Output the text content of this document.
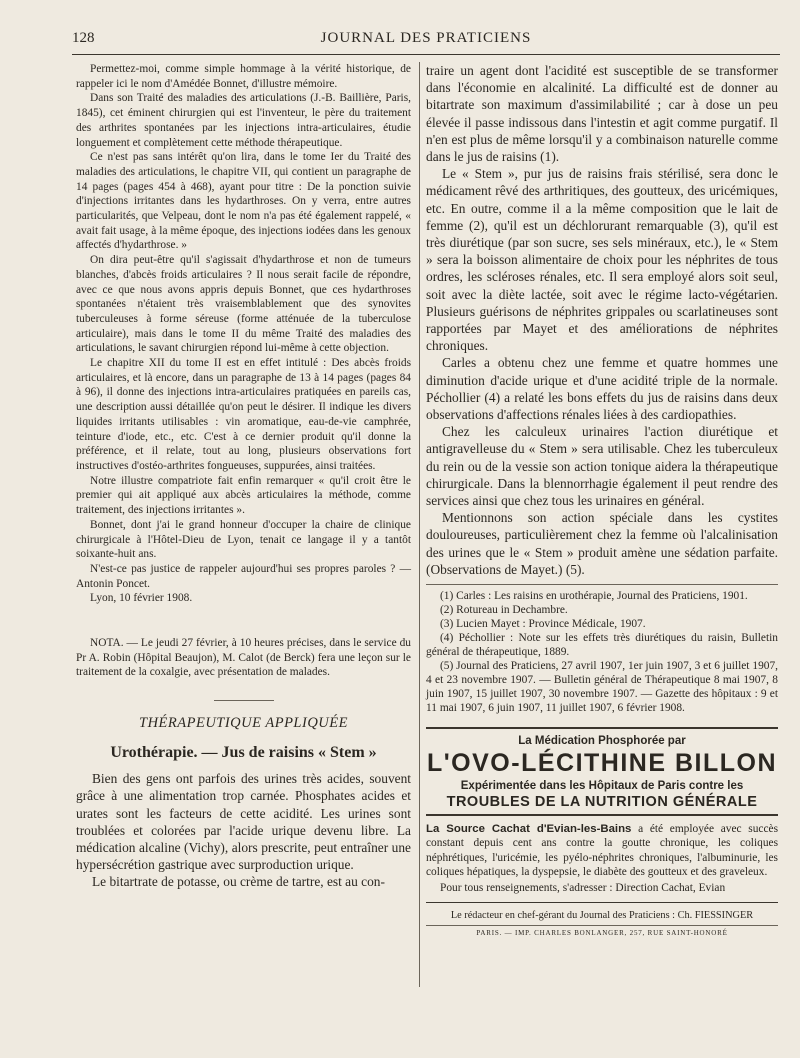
128	JOURNAL DES PRATICIENS

Permettez-moi, comme simple hommage à la vérité historique, de rappeler ici le nom d'Amédée Bonnet, d'illustre mémoire.

Dans son Traité des maladies des articulations (J.-B. Baillière, Paris, 1845), cet éminent chirurgien qui est l'inventeur, le père du traitement des arthrites spontanées par les injections intra-articulaires, étudie longuement et complètement cette méthode thérapeutique.

Ce n'est pas sans intérêt qu'on lira, dans le tome Ier du Traité des maladies des articulations, le chapitre VII, qui contient un paragraphe de 14 pages (pages 454 à 468), ayant pour titre : De la ponction suivie d'injections irritantes dans les hydarthroses. On y verra, entre autres particularités, que Velpeau, dont le nom n'a pas été également rappelé, « avait fait usage, à la même époque, des injections iodées dans les genoux affectés d'hydarthrose. »

On dira peut-être qu'il s'agissait d'hydarthrose et non de tumeurs blanches, d'abcès froids articulaires ? Il nous serait facile de répondre, avec ce que nous avons appris depuis Bonnet, que ces hydarthroses spontanées n'étaient très vraisemblablement que des synovites tuberculeuses à forme séreuse (forme atténuée de la tuberculose articulaire), mais dans le tome II du même Traité des maladies des articulations, le savant chirurgien répond lui-même à cette objection.

Le chapitre XII du tome II est en effet intitulé : Des abcès froids articulaires, et là encore, dans un paragraphe de 13 à 14 pages (pages 84 à 96), il donne des injections intra-articulaires pratiquées en pareils cas, une description aussi détaillée qu'on peut le désirer. Il indique les divers liquides irritants utilisables : vin aromatique, eau-de-vie camphrée, teinture d'iode, etc., etc. C'est à ce dernier produit qu'il donne la préférence, et il relate, tout au long, plusieurs observations fort instructives d'ostéo-arthrites fongueuses, suppurées, ainsi traitées.

Notre illustre compatriote fait enfin remarquer « qu'il croit être le premier qui ait appliqué aux abcès articulaires la méthode, comme traitement, des injections irritantes ».

Bonnet, dont j'ai le grand honneur d'occuper la chaire de clinique chirurgicale à l'Hôtel-Dieu de Lyon, tenait ce langage il y a tantôt soixante-huit ans.

N'est-ce pas justice de rappeler aujourd'hui ses propres paroles ? — Antonin Poncet.

Lyon, 10 février 1908.

NOTA. — Le jeudi 27 février, à 10 heures précises, dans le service du Pr A. Robin (Hôpital Beaujon), M. Calot (de Berck) fera une leçon sur le traitement de la coxalgie, avec présentation de malades.

THÉRAPEUTIQUE APPLIQUÉE
Urothérapie. — Jus de raisins « Stem »

Bien des gens ont parfois des urines très acides, souvent grâce à une alimentation trop carnée. Phosphates acides et urates sont les facteurs de cette acidité. Les urines sont troublées et colorées par l'acide urique devenu libre. La médication alcaline (Vichy), alors prescrite, peut entraîner une hypersécrétion gastrique avec surproduction urique.

Le bitartrate de potasse, ou crème de tartre, est au con-

traire un agent dont l'acidité est susceptible de se transformer dans l'économie en alcalinité. La difficulté est de donner au bitartrate son maximum d'assimilabilité ; car à dose un peu élevée il passe indissous dans l'intestin et agit comme purgatif. Il n'en est plus de même lorsqu'il y a combinaison naturelle comme dans le jus de raisins (1).

Le « Stem », pur jus de raisins frais stérilisé, sera donc le médicament rêvé des arthritiques, des goutteux, des uricémiques, etc. En outre, comme il a la même composition que le lait de femme (2), qu'il est un déchlorurant remarquable (3), qu'il est très diurétique (par son sucre, ses sels minéraux, etc.), le « Stem » sera la boisson alimentaire de choix pour les néphrites de tous ordres, les scléroses rénales, etc. Il sera employé alors soit seul, soit avec la diète lactée, soit avec le régime lacto-végétarien. Plusieurs guérisons de néphrites grippales ou scarlatineuses sont rapportées par Mayet et des améliorations de néphrites chroniques.

Carles a obtenu chez une femme et quatre hommes une diminution d'acide urique et d'une acidité triple de la normale. Péchollier (4) a relaté les bons effets du jus de raisins dans deux observations d'affections rénales liées à des cardiopathies.

Chez les calculeux urinaires l'action diurétique et antigravelleuse du « Stem » sera utilisable. Chez les tuberculeux du rein ou de la vessie son action tonique aidera la thérapeutique chirurgicale. Dans la blennorrhagie également il peut rendre des services ainsi que chez tous les urinaires en général.

Mentionnons son action spéciale dans les cystites douloureuses, particulièrement chez la femme où l'alcalinisation des urines que le « Stem » produit amène une sédation parfaite. (Observations de Mayet.) (5).

(1) Carles : Les raisins en urothérapie, Journal des Praticiens, 1901.
(2) Rotureau in Dechambre.
(3) Lucien Mayet : Province Médicale, 1907.
(4) Péchollier : Note sur les effets très diurétiques du raisin, Bulletin général de thérapeutique, 1889.
(5) Journal des Praticiens, 27 avril 1907, 1er juin 1907, 3 et 6 juillet 1907, 4 et 23 novembre 1907. — Bulletin général de Thérapeutique 8 mai 1907, 8 juin 1907, 15 juillet 1907, 30 novembre 1907. — Gazette des hôpitaux : 9 et 11 mai 1907, 6 juin 1907, 11 juillet 1907, 6 février 1908.
La Médication Phosphorée par
L'OVO-LÉCITHINE BILLON
Expérimentée dans les Hôpitaux de Paris contre les
TROUBLES DE LA NUTRITION GÉNÉRALE
La Source Cachat d'Evian-les-Bains a été employée avec succès constant depuis cent ans contre la goutte chronique, les coliques néphrétiques, l'uricémie, les pyélo-néphrites chroniques, l'albuminurie, les coliques hépatiques, la dyspepsie, le diabète des goutteux et des graveleux.
Pour tous renseignements, s'adresser : Direction Cachat, Evian
Le rédacteur en chef-gérant du Journal des Praticiens : Ch. FIESSINGER
PARIS. — IMP. CHARLES BONLANGER, 257, RUE SAINT-HONORÉ
